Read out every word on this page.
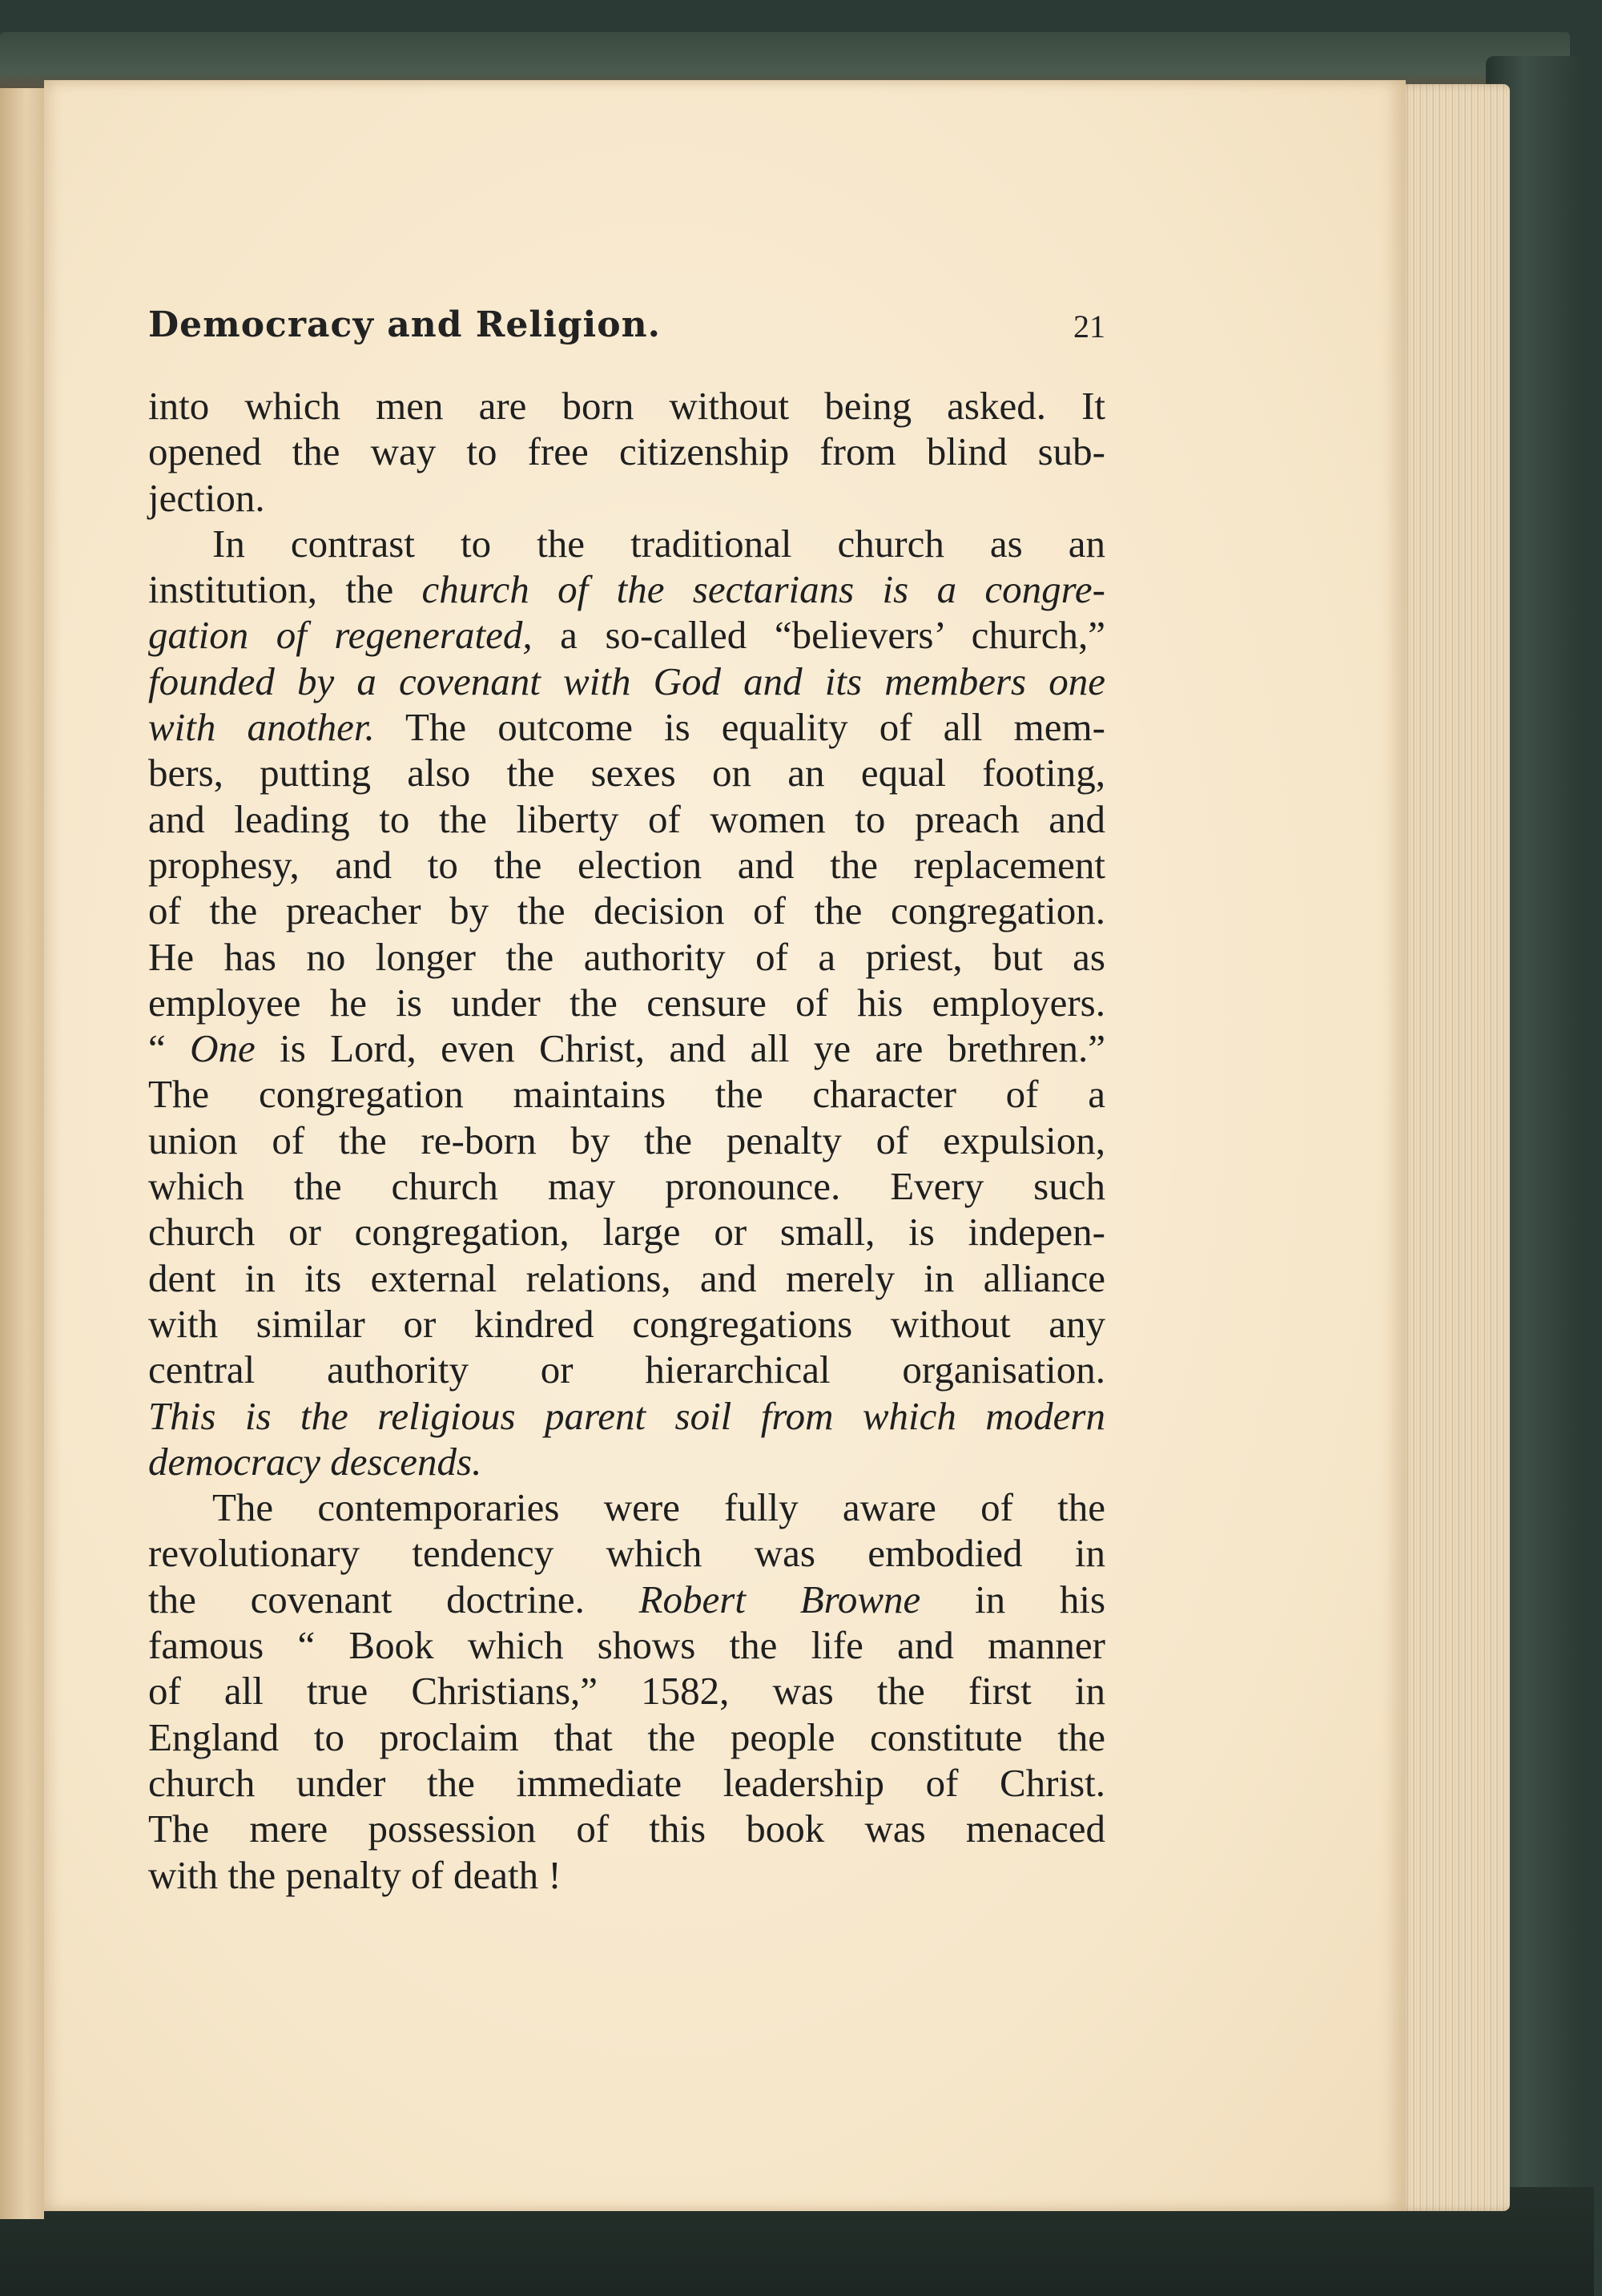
Democracy and Religion.	21
into which men are born without being asked. It
opened the way to free citizenship from blind sub-
jection.
In contrast to the traditional church as an
institution, the church of the sectarians is a congre-
gation of regenerated, a so-called “believers’ church,”
founded by a covenant with God and its members one
with another. The outcome is equality of all mem-
bers, putting also the sexes on an equal footing,
and leading to the liberty of women to preach and
prophesy, and to the election and the replacement
of the preacher by the decision of the congregation.
He has no longer the authority of a priest, but as
employee he is under the censure of his employers.
“ One is Lord, even Christ, and all ye are brethren.”
The congregation maintains the character of a
union of the re-born by the penalty of expulsion,
which the church may pronounce. Every such
church or congregation, large or small, is indepen-
dent in its external relations, and merely in alliance
with similar or kindred congregations without any
central authority or hierarchical organisation.
This is the religious parent soil from which modern
democracy descends.
The contemporaries were fully aware of the
revolutionary tendency which was embodied in
the covenant doctrine. Robert Browne in his
famous “ Book which shows the life and manner
of all true Christians,” 1582, was the first in
England to proclaim that the people constitute the
church under the immediate leadership of Christ.
The mere possession of this book was menaced
with the penalty of death !
